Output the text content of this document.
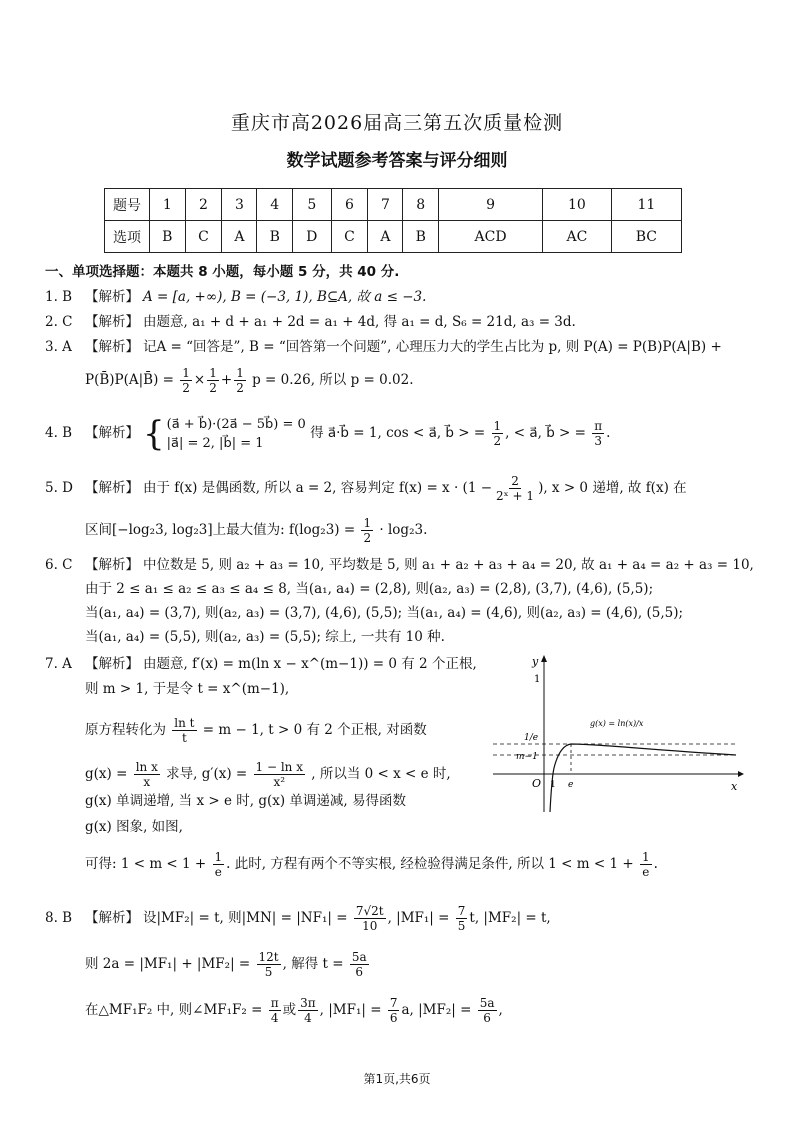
重庆市高2026届高三第五次质量检测
数学试题参考答案与评分细则
题号	1	2	3	4	5	6	7	8	9	10	11
选项	B	C	A	B	D	C	A	B	ACD	AC	BC
一、单项选择题：本题共 8 小题，每小题 5 分，共 40 分.
1. B 【解析】 A = [a, +∞), B = (−3, 1), B⊆A, 故 a ≤ −3.
2. C 【解析】 由题意, a₁ + d + a₁ + 2d = a₁ + 4d, 得 a₁ = d, S₆ = 21d, a₃ = 3d.
3. A 【解析】 记A = “回答是”, B = “回答第一个问题”, 心理压力大的学生占比为 p, 则 P(A) = P(B)P(A|B) +
P(B̄)P(A|B̄) = $\frac{1}{2} \times \frac{1}{2} + \frac{1}{2}$ p = 0.26, 所以 p = 0.02.
4. B 【解析】 { (a⃗ + b⃗)·(2a⃗ − 5b⃗) = 0
|a⃗| = 2, |b⃗| = 1
得 a⃗·b⃗ = 1, cos < a⃗, b⃗ > = $\frac{1}{2}$ , < a⃗, b⃗ > = $\frac{\pi}{3}$ .
5. D 【解析】 由于 f(x) 是偶函数, 所以 a = 2, 容易判定 $f(x) = x \cdot (1 - \frac{2}{\text{2ˣ + 1}}$ ), x > 0 递增, 故 f(x) 在
区间[−log₂3, log₂3]上最大值为: $f(\log_23) = \frac{1}{2} \cdot \log_23$.
6. C 【解析】 中位数是 5, 则 a₂ + a₃ = 10, 平均数是 5, 则 a₁ + a₂ + a₃ + a₄ = 20, 故 a₁ + a₄ = a₂ + a₃ = 10,
由于 2 ≤ a₁ ≤ a₂ ≤ a₃ ≤ a₄ ≤ 8, 当(a₁, a₄) = (2,8), 则(a₂, a₃) = (2,8), (3,7), (4,6), (5,5);
当(a₁, a₄) = (3,7), 则(a₂, a₃) = (3,7), (4,6), (5,5); 当(a₁, a₄) = (4,6), 则(a₂, a₃) = (4,6), (5,5);
当(a₁, a₄) = (5,5), 则(a₂, a₃) = (5,5); 综上, 一共有 10 种.
7. A 【解析】 由题意, f′(x) = m(ln x − x^(m−1)) = 0 有 2 个正根,
则 m > 1, 于是令 t = x^(m−1),
原方程转化为 $\frac{\text{ln t}}{t} = m - 1$, t > 0 有 2 个正根, 对函数
$g(x) = \frac{\text{ln x}}{x}$ 求导, $g'(x) = \frac{\text{1 − ln x}}{\text{x²}}$ , 所以当 0 < x < e 时,
g(x) 单调递增, 当 x > e 时, g(x) 单调递减, 易得函数
g(x) 图象, 如图,
可得: $1 < m < 1 + \frac{1}{e}$ . 此时, 方程有两个不等实根, 经检验得满足条件, 所以 $1 < m < 1 + \frac{1}{e}$ .
y
x
O
1
1/e
m−1
1 e
g(x) = ln(x)/x
8. B 【解析】 设|MF₂| = t, 则$|MN| = |NF_1| = \frac{7√2t}{10}$ , $|MF_1| = \frac{7}{5} t$, |MF₂| = t,
则 $2a = |MF_1| + |MF_2| = \frac{12t}{5}$ , 解得 $t = \frac{5a}{6}$
在△MF₁F₂ 中, 则∠MF₁F₂ = $\frac{\pi}{4}$ 或 $\frac{3\pi}{4}$ , $|MF_1| = \frac{7}{6} a$, $|MF_2| = \frac{5a}{6}$ ,
第1页,共6页
